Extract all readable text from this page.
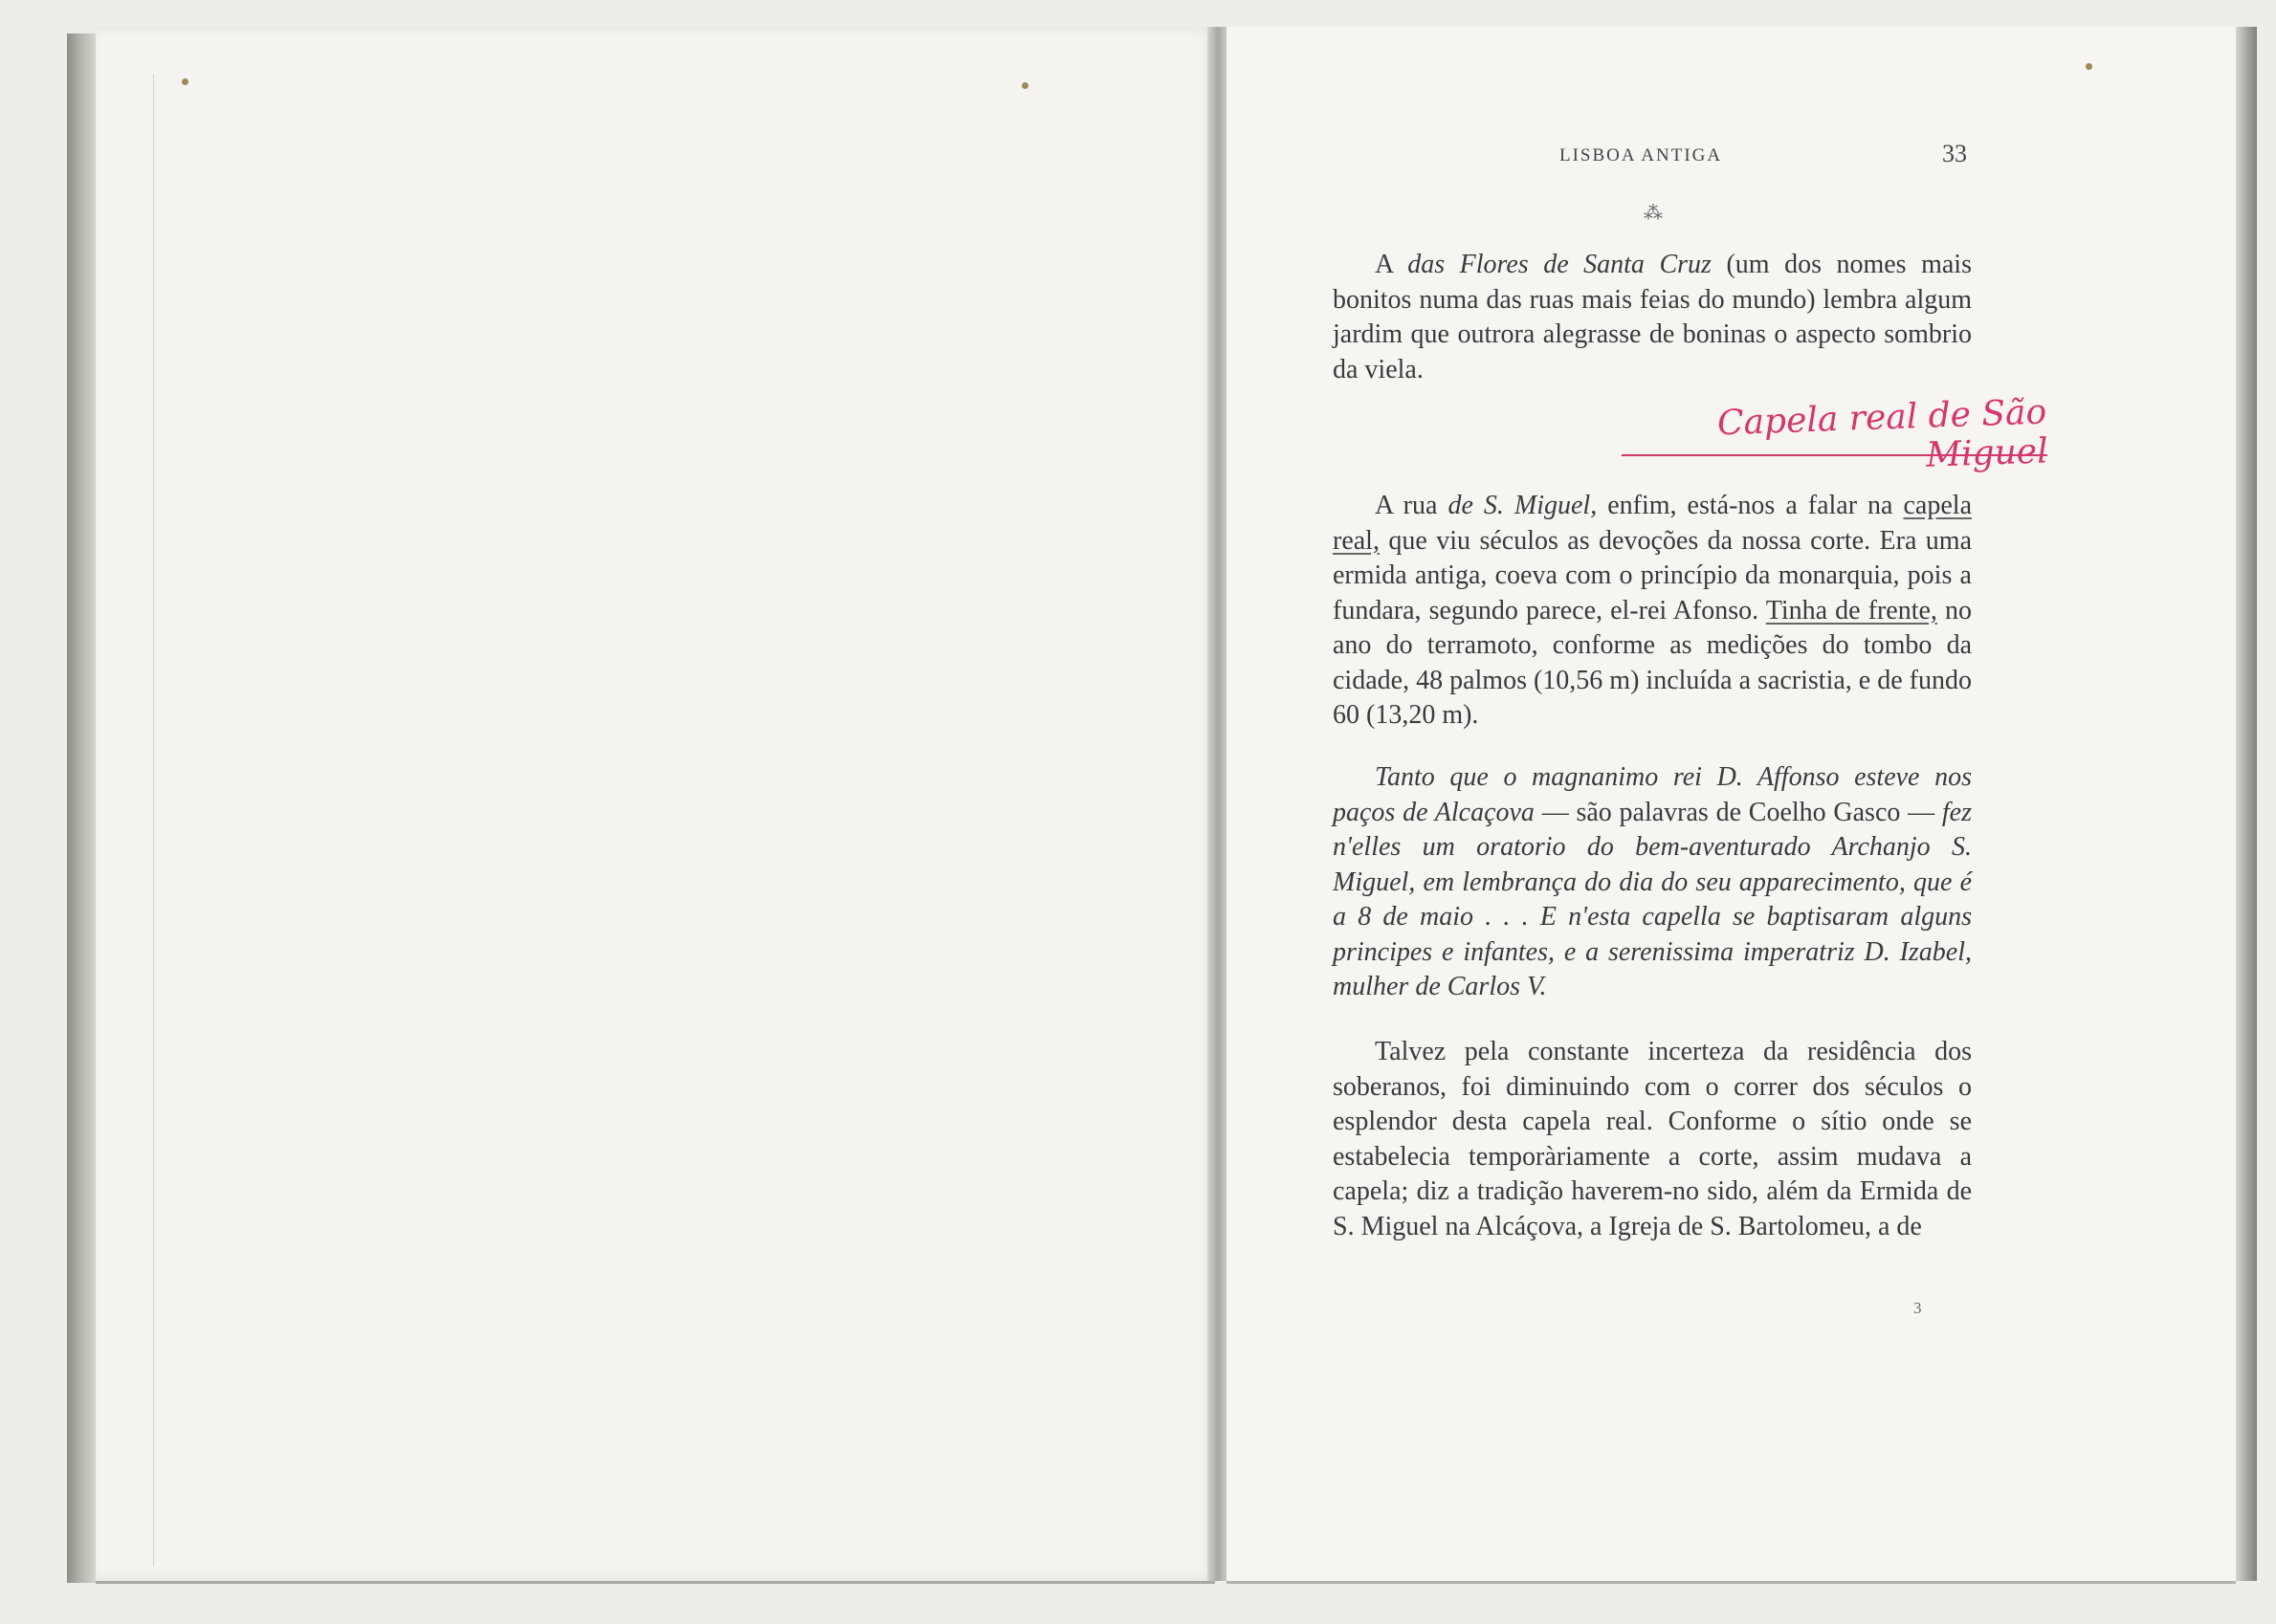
LISBOA ANTIGA	33
⁂

A das Flores de Santa Cruz (um dos nomes mais bonitos numa das ruas mais feias do mundo) lembra algum jardim que outrora alegrasse de boninas o aspecto sombrio da viela.

Capela real de São Miguel

A rua de S. Miguel, enfim, está-nos a falar na capela real, que viu séculos as devoções da nossa corte. Era uma ermida antiga, coeva com o princípio da monarquia, pois a fundara, segundo parece, el-rei Afonso. Tinha de frente, no ano do terramoto, conforme as medições do tombo da cidade, 48 palmos (10,56 m) incluída a sacristia, e de fundo 60 (13,20 m).

Tanto que o magnanimo rei D. Affonso esteve nos paços de Alcaçova — são palavras de Coelho Gasco — fez n'elles um oratorio do bem-aventurado Archanjo S. Miguel, em lembrança do dia do seu apparecimento, que é a 8 de maio . . . E n'esta capella se baptisaram alguns principes e infantes, e a serenissima imperatriz D. Izabel, mulher de Carlos V.

Talvez pela constante incerteza da residência dos soberanos, foi diminuindo com o correr dos séculos o esplendor desta capela real. Conforme o sítio onde se estabelecia temporàriamente a corte, assim mudava a capela; diz a tradição haverem-no sido, além da Ermida de S. Miguel na Alcáçova, a Igreja de S. Bartolomeu, a de

3
